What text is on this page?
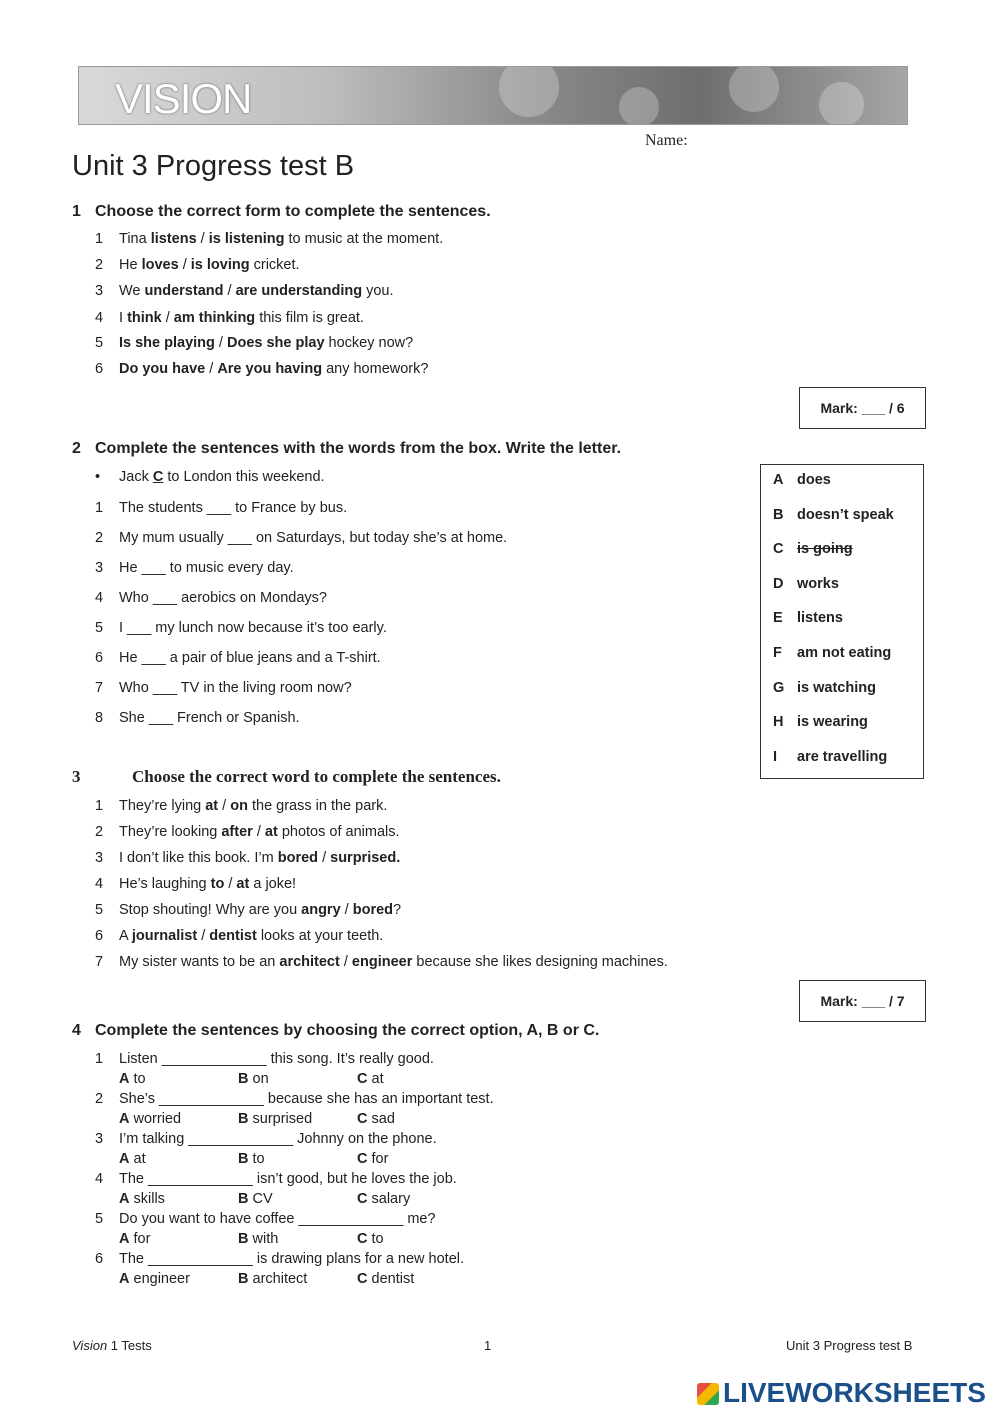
VISION
Name:
Unit 3 Progress test B
1 Choose the correct form to complete the sentences.
1 Tina listens / is listening to music at the moment.
2 He loves / is loving cricket.
3 We understand / are understanding you.
4 I think / am thinking this film is great.
5 Is she playing / Does she play hockey now?
6 Do you have / Are you having any homework?
Mark: ___ / 6
2 Complete the sentences with the words from the box. Write the letter.
• Jack C to London this weekend.
1 The students ___ to France by bus.
2 My mum usually ___ on Saturdays, but today she’s at home.
3 He ___ to music every day.
4 Who ___ aerobics on Mondays?
5 I ___ my lunch now because it’s too early.
6 He ___ a pair of blue jeans and a T-shirt.
7 Who ___ TV in the living room now?
8 She ___ French or Spanish.
A does
B doesn’t speak
C is going
D works
E listens
F am not eating
G is watching
H is wearing
I are travelling
3	Choose the correct word to complete the sentences.
1 They’re lying at / on the grass in the park.
2 They’re looking after / at photos of animals.
3 I don’t like this book. I’m bored / surprised.
4 He’s laughing to / at a joke!
5 Stop shouting! Why are you angry / bored?
6 A journalist / dentist looks at your teeth.
7 My sister wants to be an architect / engineer because she likes designing machines.
Mark: ___ / 7
4 Complete the sentences by choosing the correct option, A, B or C.
1 Listen _____________ this song. It’s really good.
A to	B on	C at
2 She’s _____________ because she has an important test.
A worried	B surprised	C sad
3 I’m talking _____________ Johnny on the phone.
A at	B to	C for
4 The _____________ isn’t good, but he loves the job.
A skills	B CV	C salary
5 Do you want to have coffee _____________ me?
A for	B with	C to
6 The _____________ is drawing plans for a new hotel.
A engineer	B architect	C dentist
Vision 1 Tests	1	Unit 3 Progress test B
LIVEWORKSHEETS
